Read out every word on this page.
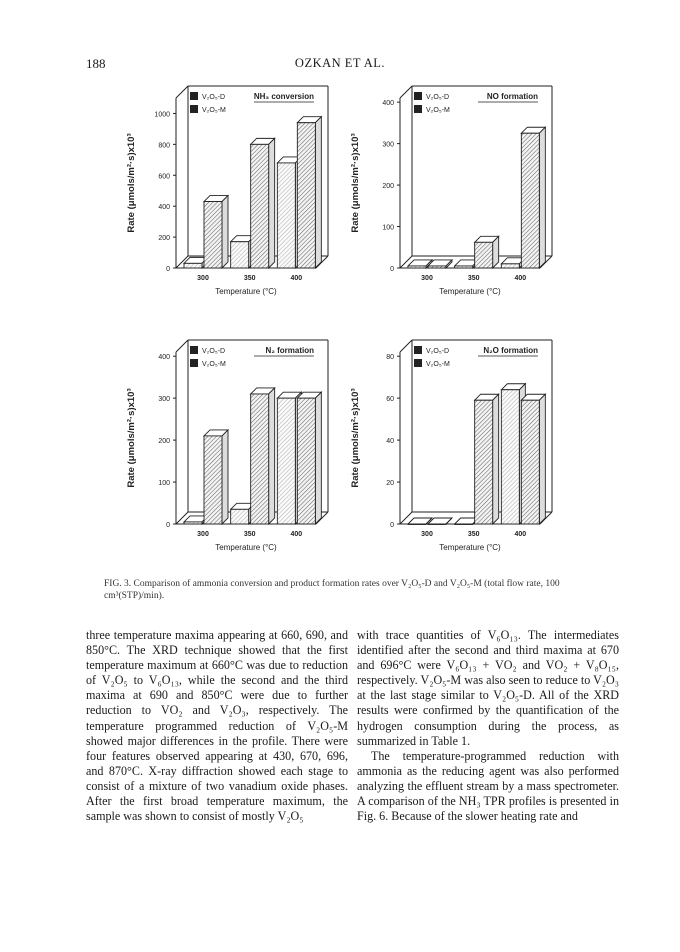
188	OZKAN ET AL.
0
200
400
600
800
1000
300	350	400
Temperature (°C)
Rate (μmols/m²·s)x10³
V₂O₅-D
V₂O₅-M
NH₃ conversion
0
100
200
300
400
300	350	400
Temperature (°C)
Rate (μmols/m²·s)x10³
V₂O₅-D
V₂O₅-M
NO formation
0
100
200
300
400
300	350	400
Temperature (°C)
Rate (μmols/m²·s)x10³
V₂O₅-D
V₂O₅-M
N₂ formation
0
20
40
60
80
300	350	400
Temperature (°C)
Rate (μmols/m²·s)x10³
V₂O₅-D
V₂O₅-M
N₂O formation
FIG. 3. Comparison of ammonia conversion and product formation rates over V₂O₅-D and V₂O₅-M (total flow rate, 100 cm³(STP)/min).

three temperature maxima appearing at 660, 690, and 850°C. The XRD technique showed that the first temperature maximum at 660°C was due to reduction of V₂O₅ to V₆O₁₃, while the second and the third maxima at 690 and 850°C were due to further reduction to VO₂ and V₂O₃, respectively. The temperature programmed reduction of V₂O₅-M showed major differences in the profile. There were four features observed appearing at 430, 670, 696, and 870°C. X-ray diffraction showed each stage to consist of a mixture of two vanadium oxide phases. After the first broad temperature maximum, the sample was shown to consist of mostly V₂O₅

with trace quantities of V₆O₁₃. The intermediates identified after the second and third maxima at 670 and 696°C were V₆O₁₃ + VO₂ and VO₂ + V₈O₁₅, respectively. V₂O₅-M was also seen to reduce to V₂O₃ at the last stage similar to V₂O₅-D. All of the XRD results were confirmed by the quantification of the hydrogen consumption during the process, as summarized in Table 1.

The temperature-programmed reduction with ammonia as the reducing agent was also performed analyzing the effluent stream by a mass spectrometer. A comparison of the NH₃ TPR profiles is presented in Fig. 6. Because of the slower heating rate and
